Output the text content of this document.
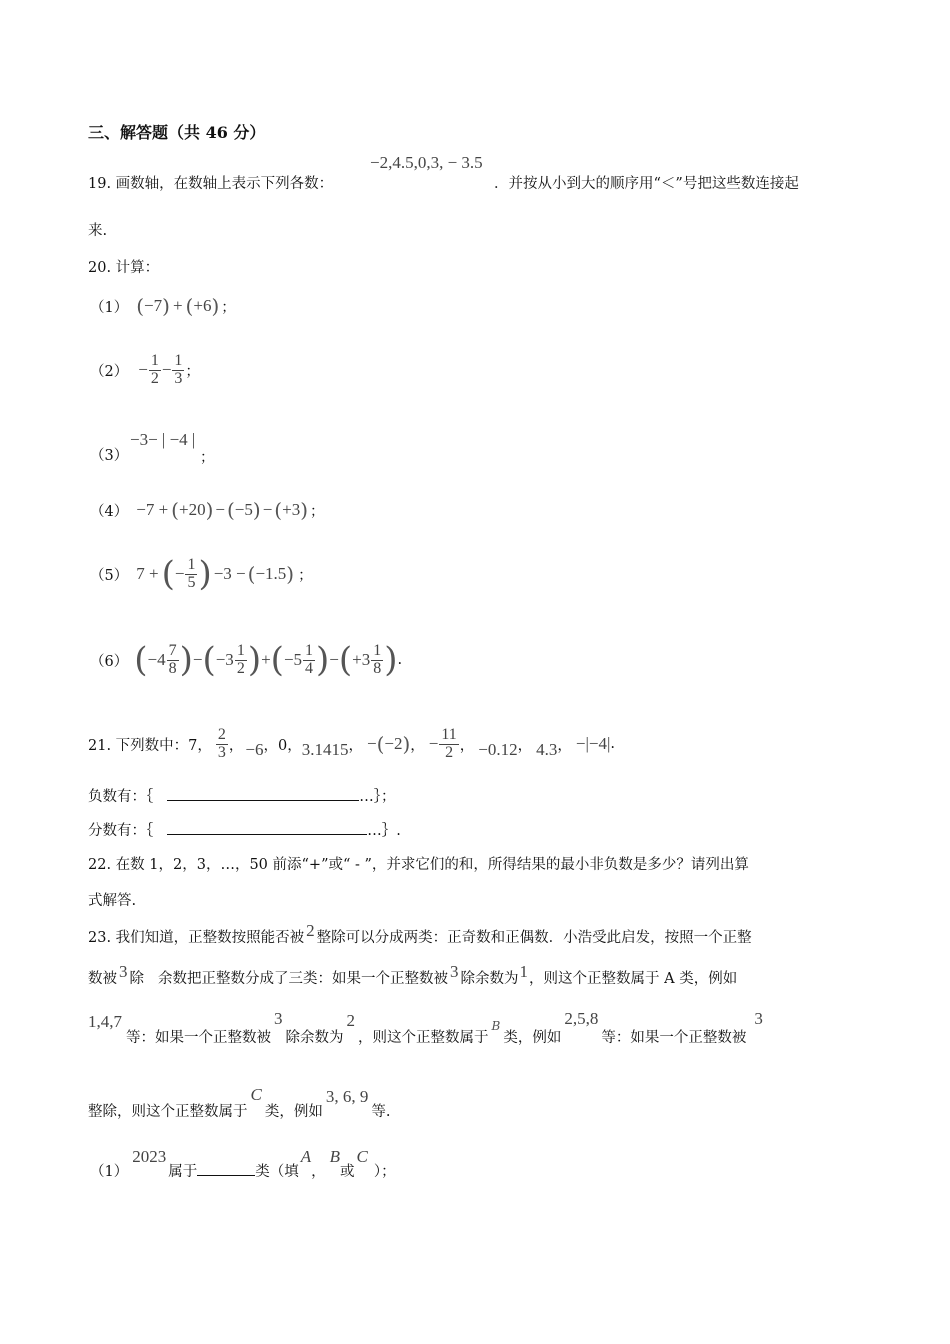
三、解答题（共 46 分）
19. 画数轴，在数轴上表示下列各数：
−2,4.5,0,3, − 3.5
．并按从小到大的顺序用“＜”号把这些数连接起
来.
20. 计算：
（1） ( −7 ) + ( +6 ) ；
$(2) - \frac{1}{2} - \frac{1}{3}$ ；
（3）
−3− | −4 |
；
（4） −7 + ( +20 ) − ( −5 ) − ( +3 ) ；
（5） 7 + ( − $\frac{1}{5}$ ) −3 − ( −1.5 ) ；
（6） ( $-4 \frac{7}{8}$ ) − ( $-3 \frac{1}{2}$ ) + ( $-5 \frac{1}{4}$ ) − ( $+3 \frac{1}{8}$ ) .
21. 下列数中：7， $\frac{2}{3}$ ， −6 ，0， 3.1415 ， − ( −2 ) ， − $\frac{11}{2}$ ， −0.12 ， 4.3 ， −|−4| .
负数有：｛	…｝；
分数有：｛	…｝.
22. 在数 1，2，3，…，50 前添“+”或“ - ”，并求它们的和，所得结果的最小非负数是多少？请列出算
式解答.
23. 我们知道，正整数按照能否被 2 整除可以分成两类：正奇数和正偶数．小浩受此启发，按照一个正整
数被 3 除 余数把正整数分成了三类：如果一个正整数被 3 除余数为1，则这个正整数属于 A 类，例如
1,4,7
等：如果一个正整数被3除余数为2，则这个正整数属于$^B$类，例如2,5,8等：如果一个正整数被3
整除，则这个正整数属于C类，例如3, 6, 9等.
（1）2023属于	类（填A，B或C）；
